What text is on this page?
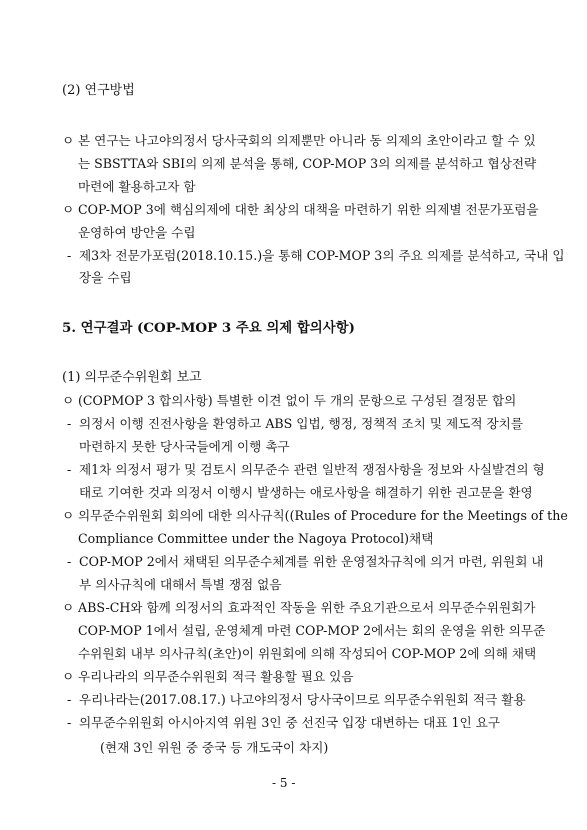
(2) 연구방법
ㅇ 본 연구는 나고야의정서 당사국회의 의제뿐만 아니라 동 의제의 초안이라고 할 수 있
는 SBSTTA와 SBI의 의제 분석을 통해, COP-MOP 3의 의제를 분석하고 협상전략
마련에 활용하고자 함
ㅇ COP-MOP 3에 핵심의제에 대한 최상의 대책을 마련하기 위한 의제별 전문가포럼을
운영하여 방안을 수립
- 제3차 전문가포럼(2018.10.15.)을 통해 COP-MOP 3의 주요 의제를 분석하고, 국내 입
장을 수립
5. 연구결과 (COP-MOP 3 주요 의제 합의사항)
(1) 의무준수위원회 보고
ㅇ (COPMOP 3 합의사항) 특별한 이견 없이 두 개의 문항으로 구성된 결정문 합의
- 의정서 이행 진전사항을 환영하고 ABS 입법, 행정, 정책적 조치 및 제도적 장치를
마련하지 못한 당사국들에게 이행 촉구
- 제1차 의정서 평가 및 검토시 의무준수 관련 일반적 쟁점사항을 정보와 사실발견의 형
태로 기여한 것과 의정서 이행시 발생하는 애로사항을 해결하기 위한 권고문을 환영
ㅇ 의무준수위원회 회의에 대한 의사규칙((Rules of Procedure for the Meetings of the
Compliance Committee under the Nagoya Protocol)채택
- COP-MOP 2에서 채택된 의무준수체계를 위한 운영절차규칙에 의거 마련, 위원회 내
부 의사규칙에 대해서 특별 쟁점 없음
ㅇ ABS-CH와 함께 의정서의 효과적인 작동을 위한 주요기관으로서 의무준수위원회가
COP-MOP 1에서 설립, 운영체계 마련 COP-MOP 2에서는 회의 운영을 위한 의무준
수위원회 내부 의사규칙(초안)이 위원회에 의해 작성되어 COP-MOP 2에 의해 채택
ㅇ 우리나라의 의무준수위원회 적극 활용할 필요 있음
- 우리나라는(2017.08.17.) 나고야의정서 당사국이므로 의무준수위원회 적극 활용
- 의무준수위원회 아시아지역 위원 3인 중 선진국 입장 대변하는 대표 1인 요구
(현재 3인 위원 중 중국 등 개도국이 차지)
- 5 -
